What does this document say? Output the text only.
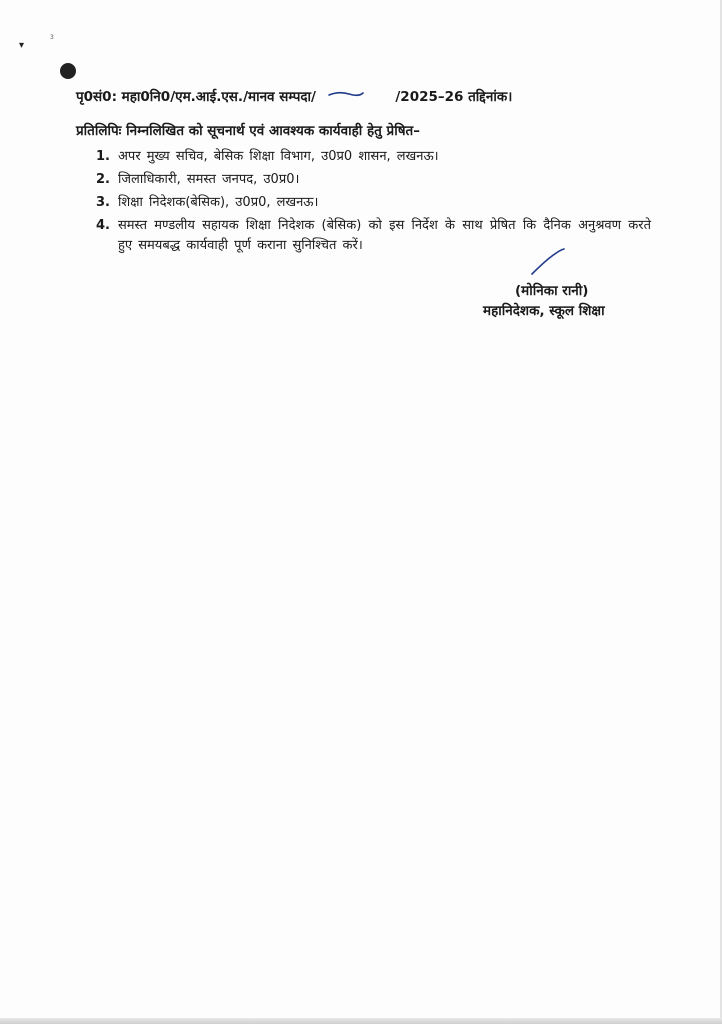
▾
3
पृ0सं0: महा0नि0/एम.आई.एस./मानव सम्पदा/	/2025–26 तद्दिनांक।
प्रतिलिपिः निम्नलिखित को सूचनार्थ एवं आवश्यक कार्यवाही हेतु प्रेषित–
1. अपर मुख्य सचिव, बेसिक शिक्षा विभाग, उ0प्र0 शासन, लखनऊ।
2. जिलाधिकारी, समस्त जनपद, उ0प्र0।
3. शिक्षा निदेशक(बेसिक), उ0प्र0, लखनऊ।
4. समस्त मण्डलीय सहायक शिक्षा निदेशक (बेसिक) को इस निर्देश के साथ प्रेषित कि दैनिक अनुश्रवण करते हुए समयबद्ध कार्यवाही पूर्ण कराना सुनिश्चित करें।
(मोनिका रानी)
महानिदेशक, स्कूल शिक्षा
